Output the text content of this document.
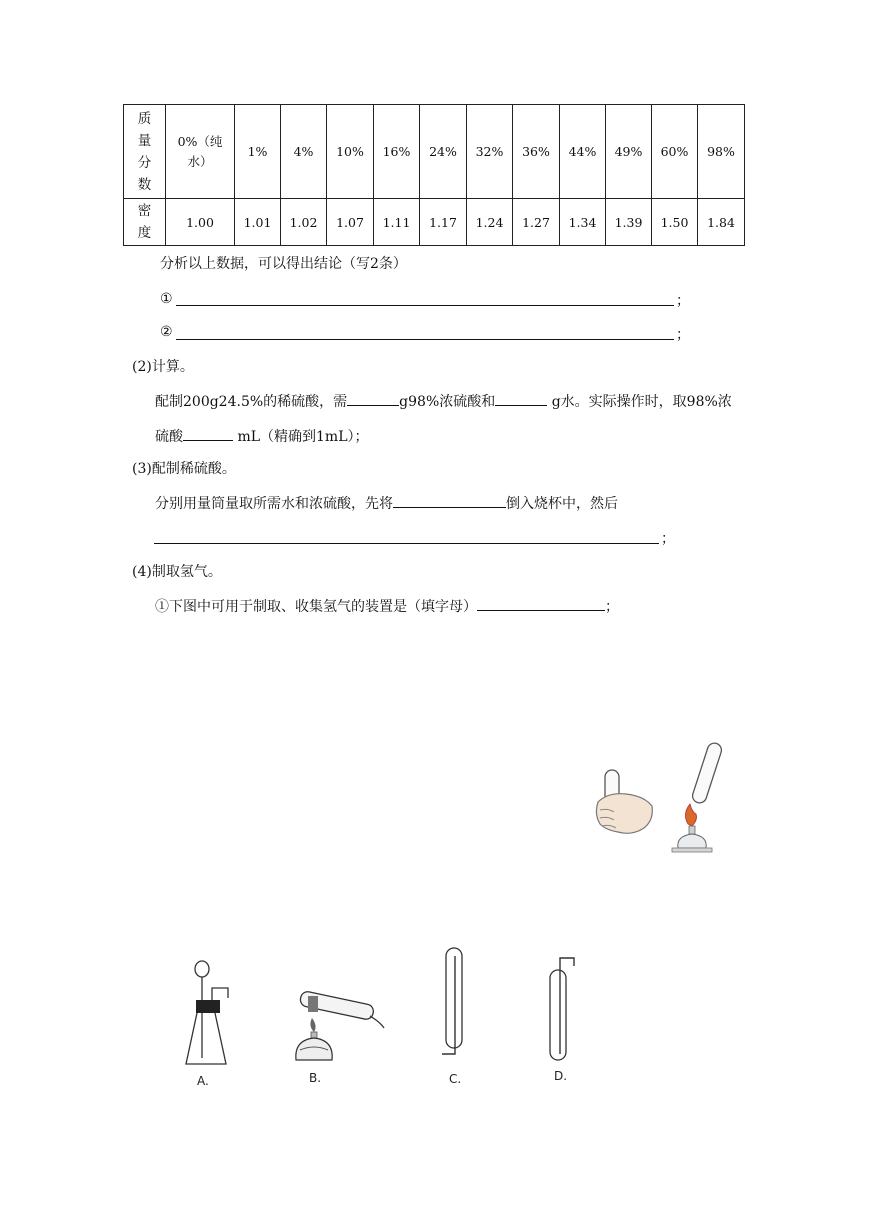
质量分数	0%（纯水）	1%	4%	10%	16%	24%	32%	36%	44%	49%	60%	98%

密度	1.00	1.01	1.02	1.07	1.11	1.17	1.24	1.27	1.34	1.39	1.50	1.84
分析以上数据，可以得出结论（写2条）
①	；
②	；
(2)计算。
配制200g24.5%的稀硫酸，需	g98%浓硫酸和	g水。实际操作时，取98%浓
硫酸	mL（精确到1mL）；
(3)配制稀硫酸。
分别用量筒量取所需水和浓硫酸，先将	倒入烧杯中，然后
；
(4)制取氢气。
①下图中可用于制取、收集氢气的装置是（填字母）	；
A.	B.	C.	D.
